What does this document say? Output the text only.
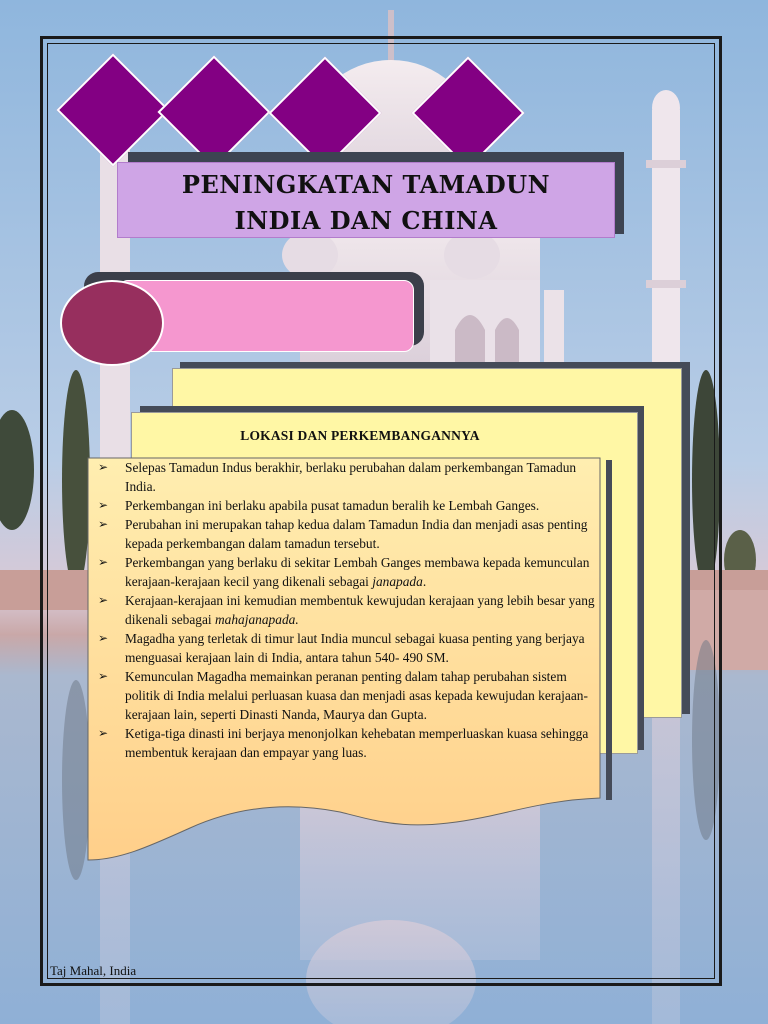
PENINGKATAN TAMADUN
INDIA DAN CHINA
LOKASI DAN PERKEMBANGANNYA
➢ Selepas Tamadun Indus berakhir, berlaku perubahan dalam perkembangan Tamadun India.
➢ Perkembangan ini berlaku apabila pusat tamadun beralih ke Lembah Ganges.
➢ Perubahan ini merupakan tahap kedua dalam Tamadun India dan menjadi asas penting kepada perkembangan dalam tamadun tersebut.
➢ Perkembangan yang berlaku di sekitar Lembah Ganges membawa kepada kemunculan kerajaan-kerajaan kecil yang dikenali sebagai janapada.
➢ Kerajaan-kerajaan ini kemudian membentuk kewujudan kerajaan yang lebih besar yang dikenali sebagai mahajanapada.
➢ Magadha yang terletak di timur laut India muncul sebagai kuasa penting yang berjaya menguasai kerajaan lain di India, antara tahun 540- 490 SM.
➢ Kemunculan Magadha memainkan peranan penting dalam tahap perubahan sistem politik di India melalui perluasan kuasa dan menjadi asas kepada kewujudan kerajaan-kerajaan lain, seperti Dinasti Nanda, Maurya dan Gupta.
➢ Ketiga-tiga dinasti ini berjaya menonjolkan kehebatan memperluaskan kuasa sehingga membentuk kerajaan dan empayar yang luas.
Taj Mahal, India
